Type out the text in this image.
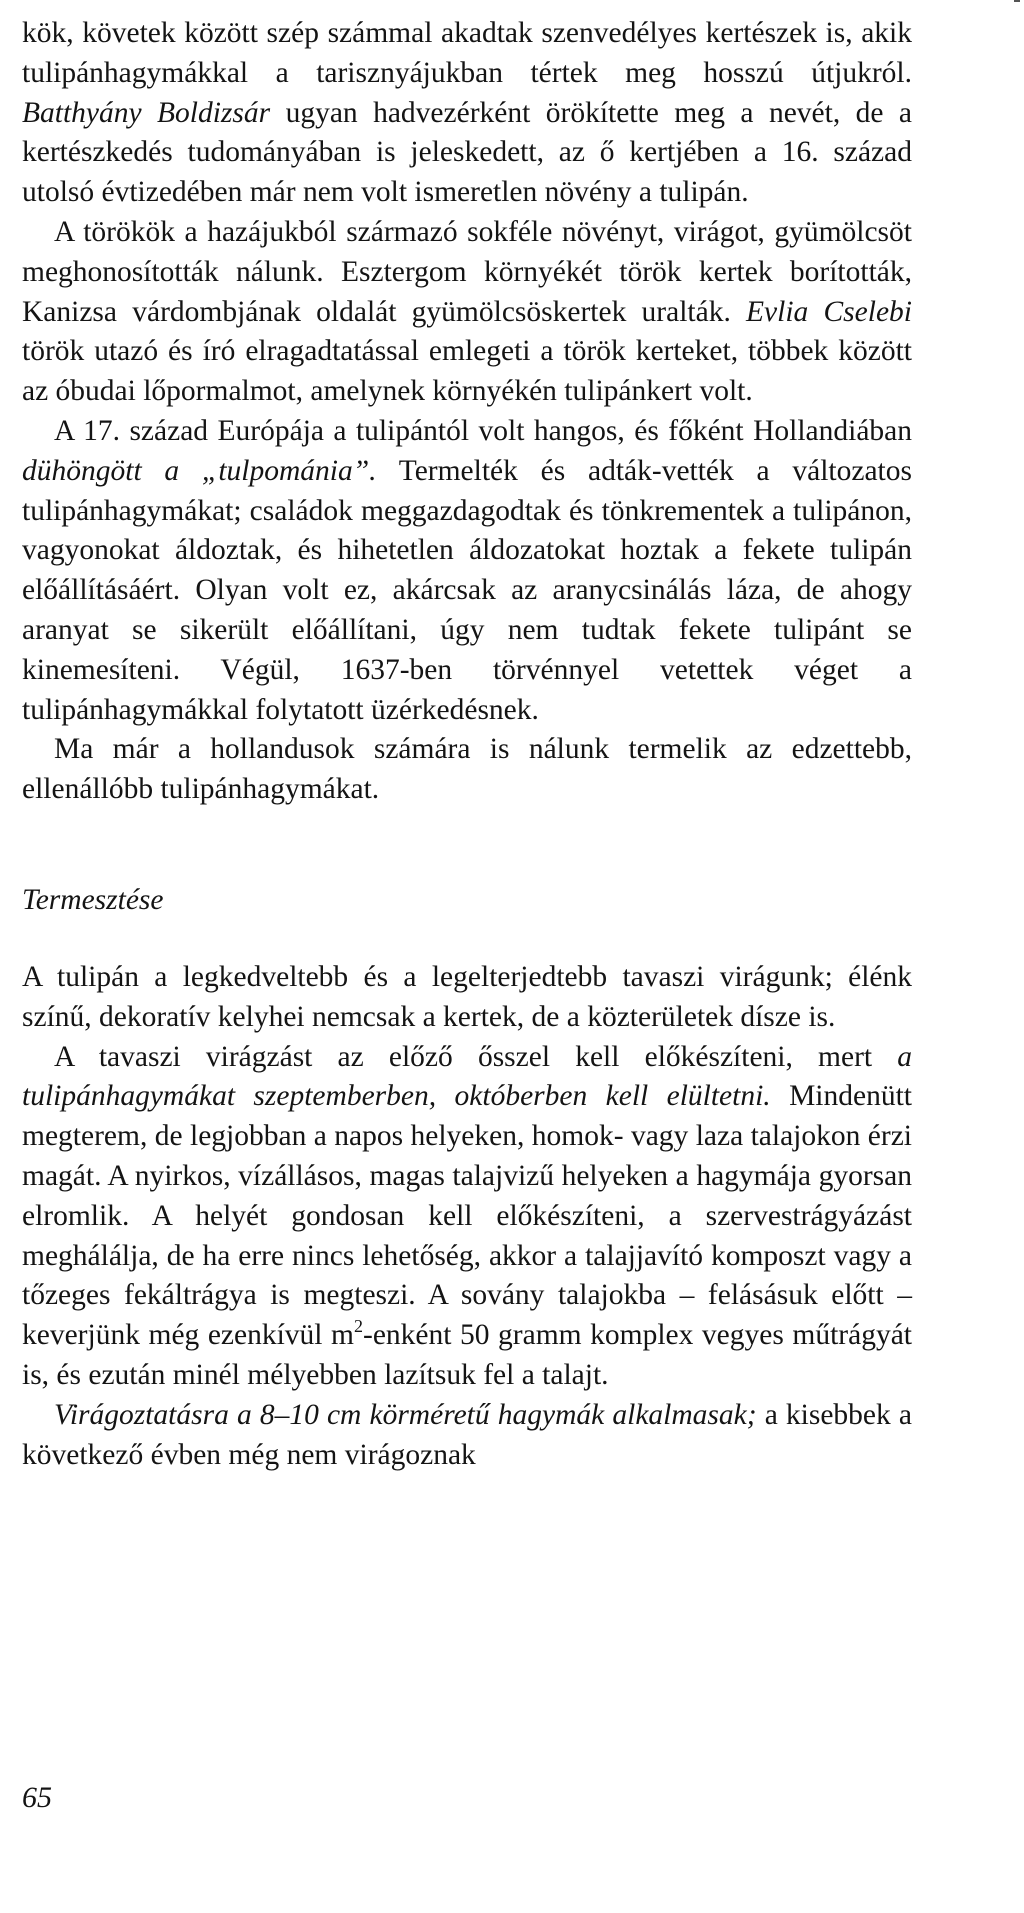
kök, követek között szép számmal akadtak szenvedélyes kertészek is, akik tulipánhagymákkal a tarisznyájukban tértek meg hosszú útjukról. Batthyány Boldizsár ugyan hadvezérként örökítette meg a nevét, de a kertészkedés tudományában is jeleskedett, az ő kertjében a 16. század utolsó évtizedében már nem volt ismeretlen növény a tulipán.

A törökök a hazájukból származó sokféle növényt, virágot, gyümölcsöt meghonosították nálunk. Esztergom környékét török kertek borították, Kanizsa várdombjának oldalát gyümölcsöskertek uralták. Evlia Cselebi török utazó és író elragadtatással emlegeti a török kerteket, többek között az óbudai lőpormalmot, amelynek környékén tulipánkert volt.

A 17. század Európája a tulipántól volt hangos, és főként Hollandiában dühöngött a „tulpománia”. Termelték és adták-vették a változatos tulipánhagymákat; családok meggazdagodtak és tönkrementek a tulipánon, vagyonokat áldoztak, és hihetetlen áldozatokat hoztak a fekete tulipán előállításáért. Olyan volt ez, akárcsak az aranycsinálás láza, de ahogy aranyat se sikerült előállítani, úgy nem tudtak fekete tulipánt se kinemesíteni. Végül, 1637-ben törvénnyel vetettek véget a tulipánhagymákkal folytatott üzérkedésnek.

Ma már a hollandusok számára is nálunk termelik az edzettebb, ellenállóbb tulipánhagymákat.

Termesztése

A tulipán a legkedveltebb és a legelterjedtebb tavaszi virágunk; élénk színű, dekoratív kelyhei nemcsak a kertek, de a közterületek dísze is.

A tavaszi virágzást az előző ősszel kell előkészíteni, mert a tulipánhagymákat szeptemberben, októberben kell elültetni. Mindenütt megterem, de legjobban a napos helyeken, homok- vagy laza talajokon érzi magát. A nyirkos, vízállásos, magas talajvizű helyeken a hagymája gyorsan elromlik. A helyét gondosan kell előkészíteni, a szervestrágyázást meghálálja, de ha erre nincs lehetőség, akkor a talajjavító komposzt vagy a tőzeges fekáltrágya is megteszi. A sovány talajokba – felásásuk előtt – keverjünk még ezenkívül $m^2$-enként 50 gramm komplex vegyes műtrágyát is, és ezután minél mélyebben lazítsuk fel a talajt.

Virágoztatásra a 8–10 cm körméretű hagymák alkalmasak; a kisebbek a következő évben még nem virágoznak

65
